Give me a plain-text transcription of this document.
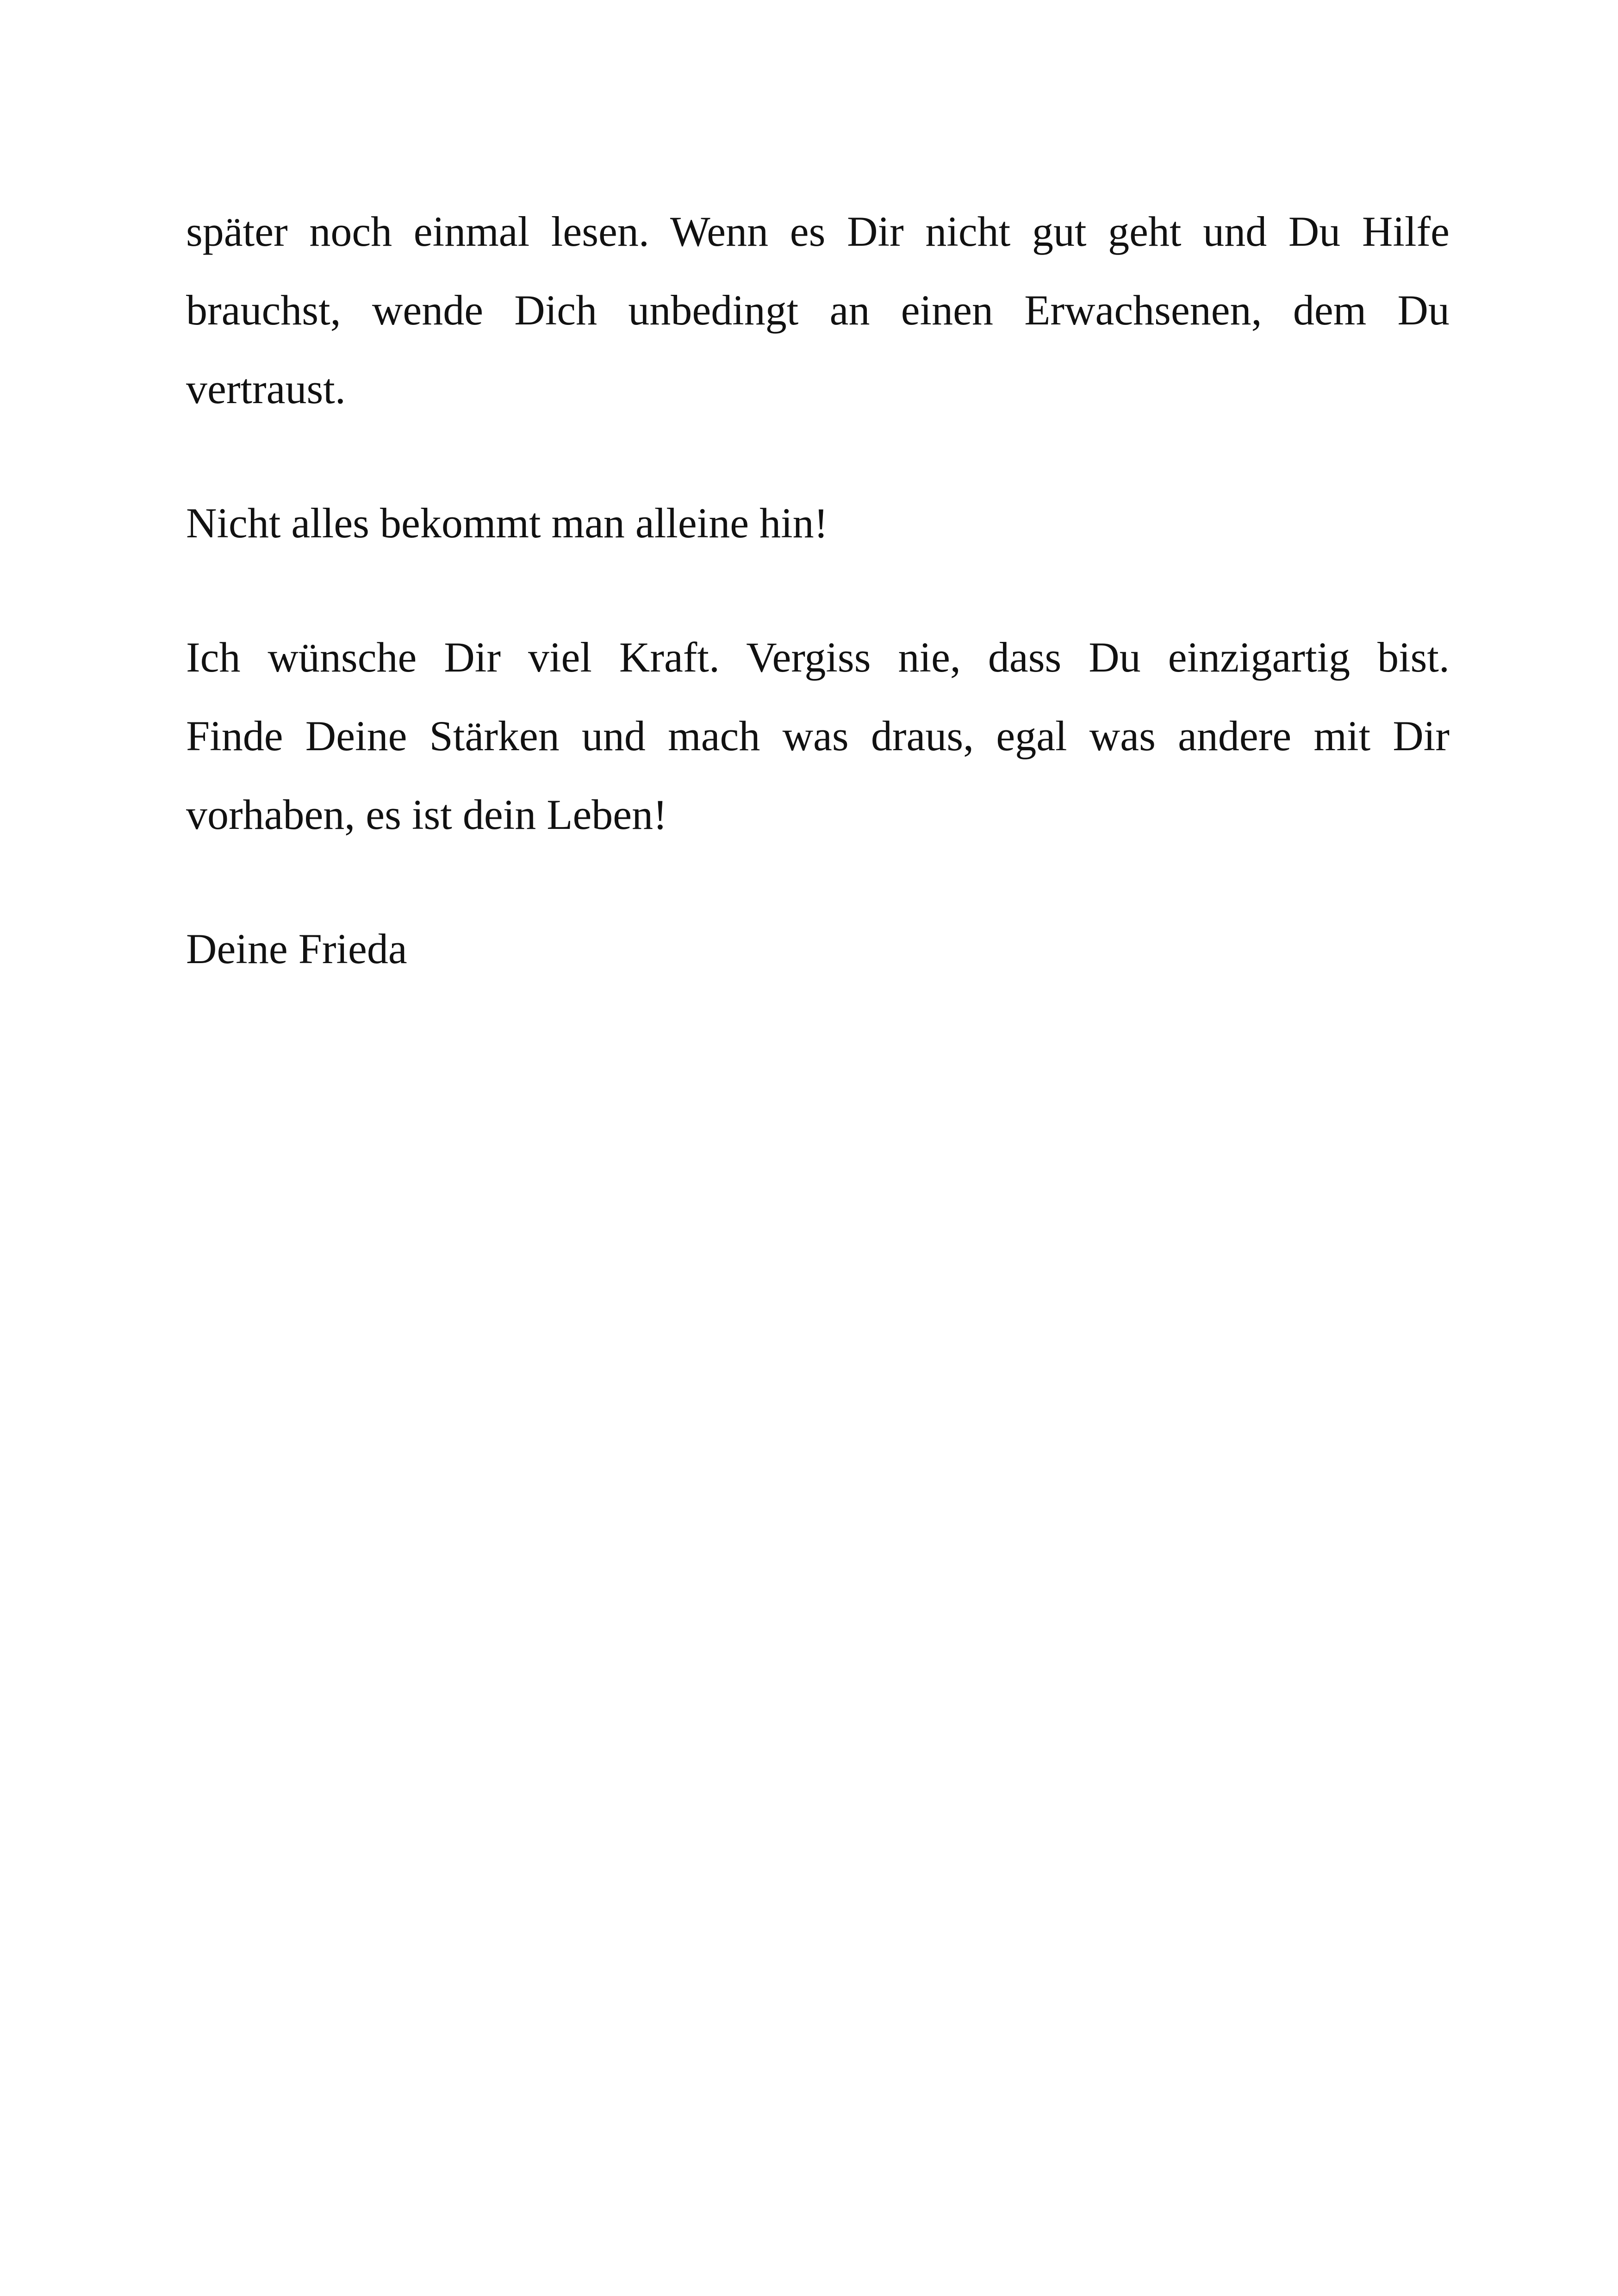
später noch einmal lesen. Wenn es Dir nicht gut geht und Du Hilfe
brauchst, wende Dich unbedingt an einen Erwachsenen, dem Du
vertraust.
Nicht alles bekommt man alleine hin!
Ich wünsche Dir viel Kraft. Vergiss nie, dass Du einzigartig bist.
Finde Deine Stärken und mach was draus, egal was andere mit Dir
vorhaben, es ist dein Leben!
Deine Frieda
